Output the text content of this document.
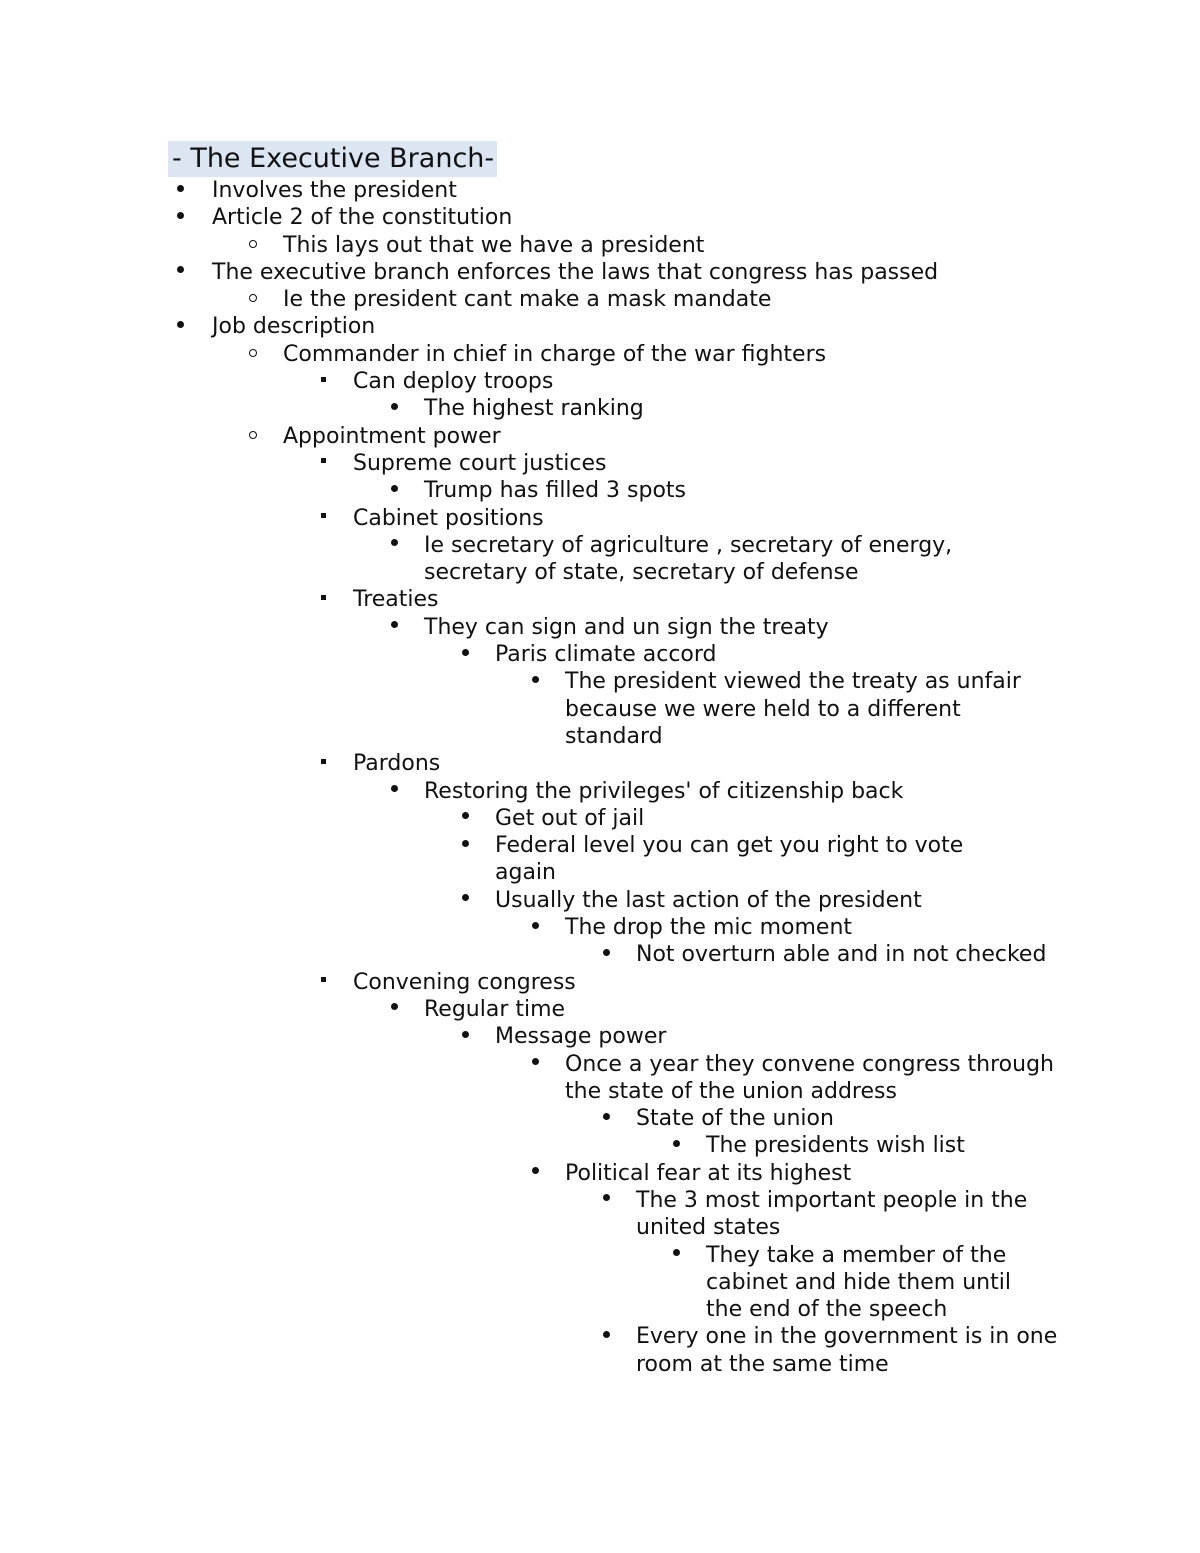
- The Executive Branch-
Involves the president
Article 2 of the constitution
This lays out that we have a president
The executive branch enforces the laws that congress has passed
Ie the president cant make a mask mandate
Job description
Commander in chief in charge of the war fighters
Can deploy troops
The highest ranking
Appointment power
Supreme court justices
Trump has filled 3 spots
Cabinet positions
Ie secretary of agriculture , secretary of energy, secretary of state, secretary of defense
Treaties
They can sign and un sign the treaty
Paris climate accord
The president viewed the treaty as unfair because we were held to a different standard
Pardons
Restoring the privileges' of citizenship back
Get out of jail
Federal level you can get you right to vote again
Usually the last action of the president
The drop the mic moment
Not overturn able and in not checked
Convening congress
Regular time
Message power
Once a year they convene congress through the state of the union address
State of the union
The presidents wish list
Political fear at its highest
The 3 most important people in the united states
They take a member of the cabinet and hide them until the end of the speech
Every one in the government is in one room at the same time
